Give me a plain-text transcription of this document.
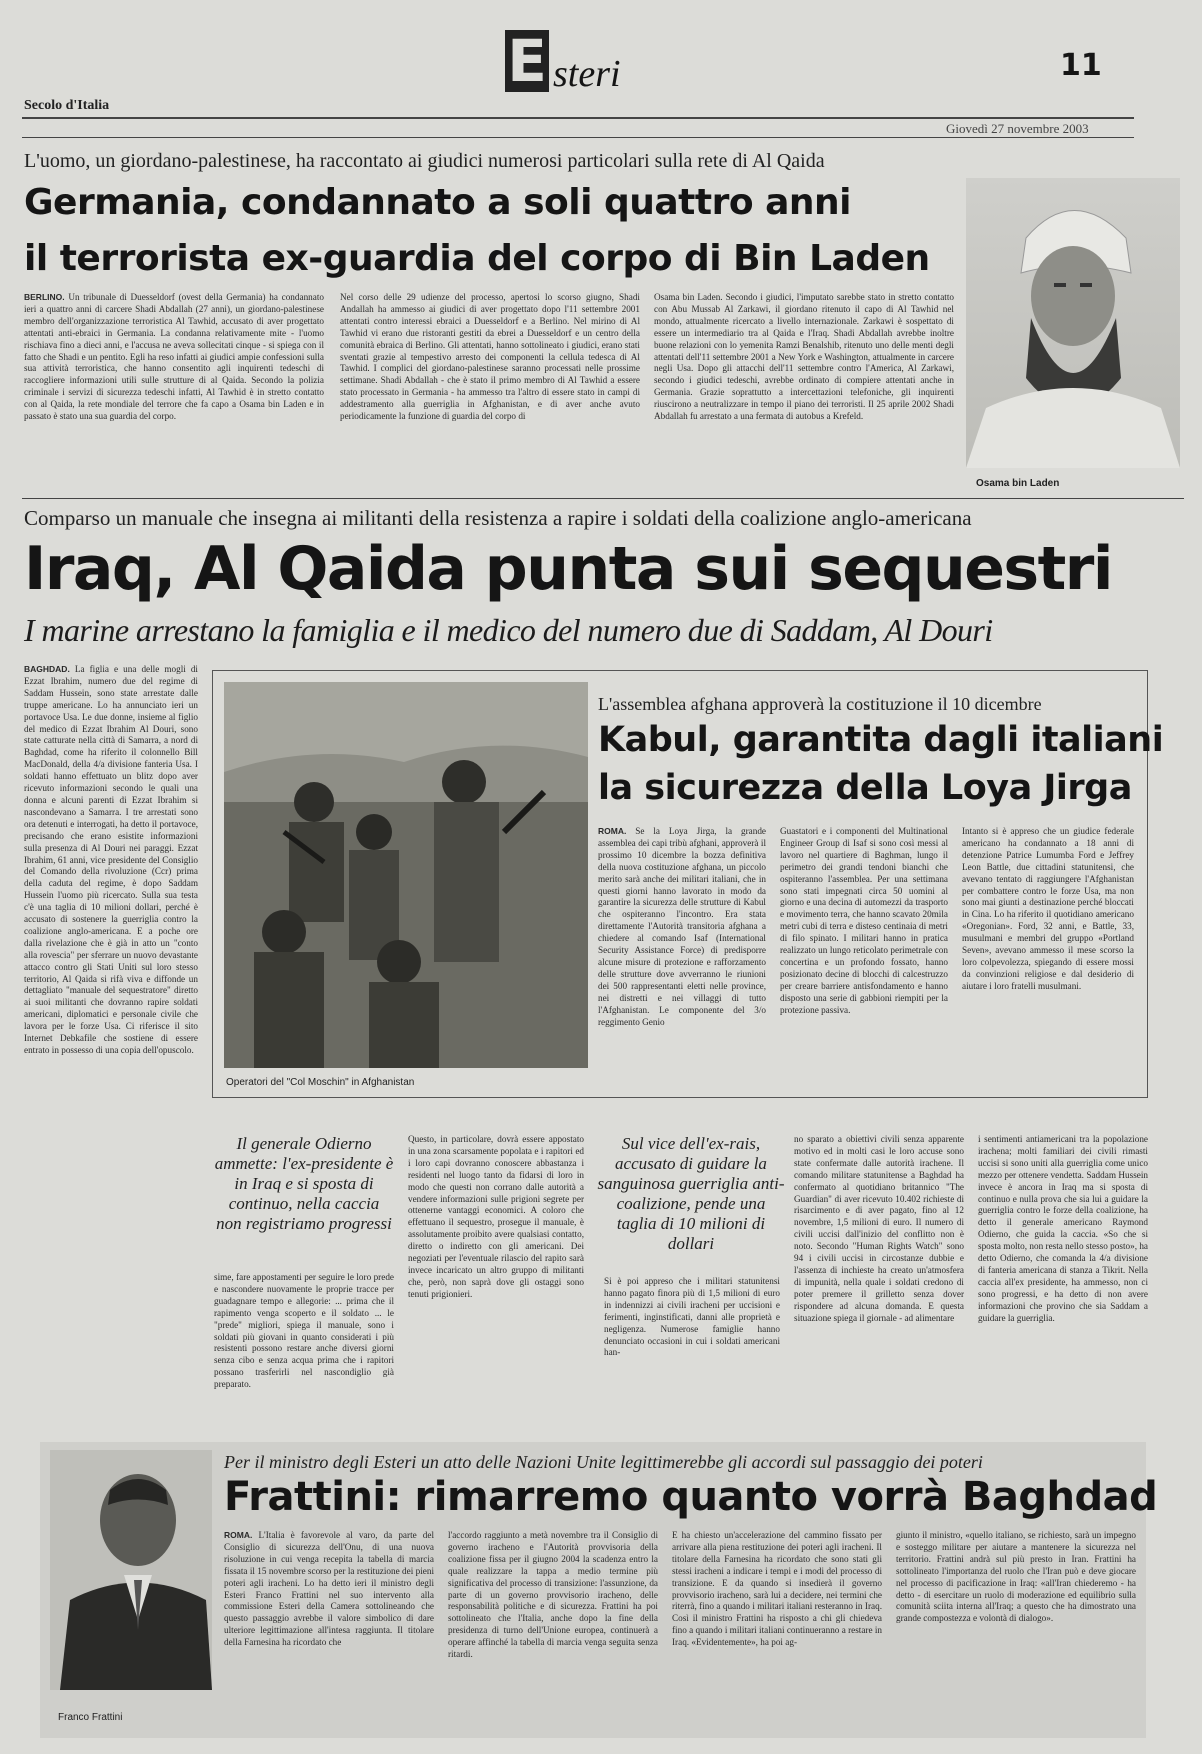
E steri
Secolo d'Italia
11
Giovedì 27 novembre 2003
L'uomo, un giordano-palestinese, ha raccontato ai giudici numerosi particolari sulla rete di Al Qaida
Germania, condannato a soli quattro anni
il terrorista ex-guardia del corpo di Bin Laden
BERLINO. Un tribunale di Duesseldorf (ovest della Germania) ha condannato ieri a quattro anni di carcere Shadi Abdallah (27 anni), un giordano-palestinese membro dell'organizzazione terroristica Al Tawhid, accusato di aver progettato attentati anti-ebraici in Germania. La condanna relativamente mite - l'uomo rischiava fino a dieci anni, e l'accusa ne aveva sollecitati cinque - si spiega con il fatto che Shadi e un pentito. Egli ha reso infatti ai giudici ampie confessioni sulla sua attività terroristica, che hanno consentito agli inquirenti tedeschi di raccogliere informazioni utili sulle strutture di al Qaida. Secondo la polizia criminale i servizi di sicurezza tedeschi infatti, Al Tawhid è in stretto contatto con al Qaida, la rete mondiale del terrore che fa capo a Osama bin Laden e in passato è stato una sua guardia del corpo.
Nel corso delle 29 udienze del processo, apertosi lo scorso giugno, Shadi Andallah ha ammesso ai giudici di aver progettato dopo l'11 settembre 2001 attentati contro interessi ebraici a Duesseldorf e a Berlino. Nel mirino di Al Tawhid vi erano due ristoranti gestiti da ebrei a Duesseldorf e un centro della comunità ebraica di Berlino. Gli attentati, hanno sottolineato i giudici, erano stati sventati grazie al tempestivo arresto dei componenti la cellula tedesca di Al Tawhid. I complici del giordano-palestinese saranno processati nelle prossime settimane. Shadi Abdallah - che è stato il primo membro di Al Tawhid a essere stato processato in Germania - ha ammesso tra l'altro di essere stato in campi di addestramento alla guerriglia in Afghanistan, e di aver anche avuto periodicamente la funzione di guardia del corpo di
Osama bin Laden. Secondo i giudici, l'imputato sarebbe stato in stretto contatto con Abu Mussab Al Zarkawi, il giordano ritenuto il capo di Al Tawhid nel mondo, attualmente ricercato a livello internazionale. Zarkawi è sospettato di essere un intermediario tra al Qaida e l'Iraq. Shadi Abdallah avrebbe inoltre buone relazioni con lo yemenita Ramzi Benalshib, ritenuto uno delle menti degli attentati dell'11 settembre 2001 a New York e Washington, attualmente in carcere negli Usa. Dopo gli attacchi dell'11 settembre contro l'America, Al Zarkawi, secondo i giudici tedeschi, avrebbe ordinato di compiere attentati anche in Germania. Grazie soprattutto a intercettazioni telefoniche, gli inquirenti riuscirono a neutralizzare in tempo il piano dei terroristi. Il 25 aprile 2002 Shadi Abdallah fu arrestato a una fermata di autobus a Krefeld.
Osama bin Laden
Comparso un manuale che insegna ai militanti della resistenza a rapire i soldati della coalizione anglo-americana
Iraq, Al Qaida punta sui sequestri
I marine arrestano la famiglia e il medico del numero due di Saddam, Al Douri
BAGHDAD. La figlia e una delle mogli di Ezzat Ibrahim, numero due del regime di Saddam Hussein, sono state arrestate dalle truppe americane. Lo ha annunciato ieri un portavoce Usa. Le due donne, insieme al figlio del medico di Ezzat Ibrahim Al Douri, sono state catturate nella città di Samarra, a nord di Baghdad, come ha riferito il colonnello Bill MacDonald, della 4/a divisione fanteria Usa. I soldati hanno effettuato un blitz dopo aver ricevuto informazioni secondo le quali una donna e alcuni parenti di Ezzat Ibrahim si nascondevano a Samarra. I tre arrestati sono ora detenuti e interrogati, ha detto il portavoce, precisando che erano esistite informazioni sulla presenza di Al Douri nei paraggi. Ezzat Ibrahim, 61 anni, vice presidente del Consiglio del Comando della rivoluzione (Ccr) prima della caduta del regime, è dopo Saddam Hussein l'uomo più ricercato. Sulla sua testa c'è una taglia di 10 milioni dollari, perché è accusato di sostenere la guerriglia contro la coalizione anglo-americana. E a poche ore dalla rivelazione che è già in atto un "conto alla rovescia" per sferrare un nuovo devastante attacco contro gli Stati Uniti sul loro stesso territorio, Al Qaida si rifà viva e diffonde un dettagliato "manuale del sequestratore" diretto ai suoi militanti che dovranno rapire soldati americani, diplomatici e personale civile che lavora per le forze Usa. Ci riferisce il sito Internet Debkafile che sostiene di essere entrato in possesso di una copia dell'opuscolo.
Operatori del "Col Moschin" in Afghanistan
L'assemblea afghana approverà la costituzione il 10 dicembre
Kabul, garantita dagli italiani
la sicurezza della Loya Jirga
ROMA. Se la Loya Jirga, la grande assemblea dei capi tribù afghani, approverà il prossimo 10 dicembre la bozza definitiva della nuova costituzione afghana, un piccolo merito sarà anche dei militari italiani, che in questi giorni hanno lavorato in modo da garantire la sicurezza delle strutture di Kabul che ospiteranno l'incontro. Era stata direttamente l'Autorità transitoria afghana a chiedere al comando Isaf (International Security Assistance Force) di predisporre alcune misure di protezione e rafforzamento delle strutture dove avverranno le riunioni dei 500 rappresentanti eletti nelle province, nei distretti e nei villaggi di tutto l'Afghanistan. Le componente del 3/o reggimento Genio
Guastatori e i componenti del Multinational Engineer Group di Isaf si sono così messi al lavoro nel quartiere di Baghman, lungo il perimetro dei grandi tendoni bianchi che ospiteranno l'assemblea. Per una settimana sono stati impegnati circa 50 uomini al giorno e una decina di automezzi da trasporto e movimento terra, che hanno scavato 20mila metri cubi di terra e disteso centinaia di metri di filo spinato. I militari hanno in pratica realizzato un lungo reticolato perimetrale con concertina e un profondo fossato, hanno posizionato decine di blocchi di calcestruzzo per creare barriere antisfondamento e hanno disposto una serie di gabbioni riempiti per la protezione passiva.
Intanto si è appreso che un giudice federale americano ha condannato a 18 anni di detenzione Patrice Lumumba Ford e Jeffrey Leon Battle, due cittadini statunitensi, che avevano tentato di raggiungere l'Afghanistan per combattere contro le forze Usa, ma non sono mai giunti a destinazione perché bloccati in Cina. Lo ha riferito il quotidiano americano «Oregonian». Ford, 32 anni, e Battle, 33, musulmani e membri del gruppo «Portland Seven», avevano ammesso il mese scorso la loro colpevolezza, spiegando di essere mossi da convinzioni religiose e dal desiderio di aiutare i loro fratelli musulmani.
Il generale Odierno ammette: l'ex-presidente è in Iraq e si sposta di continuo, nella caccia non registriamo progressi
Sul vice dell'ex-rais, accusato di guidare la sanguinosa guerriglia anti-coalizione, pende una taglia di 10 milioni di dollari
sime, fare appostamenti per seguire le loro prede e nascondere nuovamente le proprie tracce per guadagnare tempo e allegorie: ... prima che il rapimento venga scoperto e il soldato ... le "prede" migliori, spiega il manuale, sono i soldati più giovani in quanto considerati i più resistenti possono restare anche diversi giorni senza cibo e senza acqua prima che i rapitori possano trasferirli nel nascondiglio già preparato.
Questo, in particolare, dovrà essere appostato in una zona scarsamente popolata e i rapitori ed i loro capi dovranno conoscere abbastanza i residenti nel luogo tanto da fidarsi di loro in modo che questi non corrano dalle autorità a vendere informazioni sulle prigioni segrete per ottenerne vantaggi economici. A coloro che effettuano il sequestro, prosegue il manuale, è assolutamente proibito avere qualsiasi contatto, diretto o indiretto con gli americani. Dei negoziati per l'eventuale rilascio del rapito sarà invece incaricato un altro gruppo di militanti che, però, non saprà dove gli ostaggi sono tenuti prigionieri.
Si è poi appreso che i militari statunitensi hanno pagato finora più di 1,5 milioni di euro in indennizzi ai civili iracheni per uccisioni e ferimenti, inginstificati, danni alle proprietà e negligenza. Numerose famiglie hanno denunciato occasioni in cui i soldati americani han-
no sparato a obiettivi civili senza apparente motivo ed in molti casi le loro accuse sono state confermate dalle autorità irachene. Il comando militare statunitense a Baghdad ha confermato al quotidiano britannico "The Guardian" di aver ricevuto 10.402 richieste di risarcimento e di aver pagato, fino al 12 novembre, 1,5 milioni di euro. Il numero di civili uccisi dall'inizio del conflitto non è noto. Secondo "Human Rights Watch" sono 94 i civili uccisi in circostanze dubbie e l'assenza di inchieste ha creato un'atmosfera di impunità, nella quale i soldati credono di poter premere il grilletto senza dover rispondere ad alcuna domanda. E questa situazione spiega il giornale - ad alimentare
i sentimenti antiamericani tra la popolazione irachena; molti familiari dei civili rimasti uccisi si sono uniti alla guerriglia come unico mezzo per ottenere vendetta. Saddam Hussein invece è ancora in Iraq ma si sposta di continuo e nulla prova che sia lui a guidare la guerriglia contro le forze della coalizione, ha detto il generale americano Raymond Odierno, che guida la caccia. «So che si sposta molto, non resta nello stesso posto», ha detto Odierno, che comanda la 4/a divisione di fanteria americana di stanza a Tikrit. Nella caccia all'ex presidente, ha ammesso, non ci sono progressi, e ha detto di non avere informazioni che provino che sia Saddam a guidare la guerriglia.
Franco Frattini
Per il ministro degli Esteri un atto delle Nazioni Unite legittimerebbe gli accordi sul passaggio dei poteri
Frattini: rimarremo quanto vorrà Baghdad
ROMA. L'Italia è favorevole al varo, da parte del Consiglio di sicurezza dell'Onu, di una nuova risoluzione in cui venga recepita la tabella di marcia fissata il 15 novembre scorso per la restituzione dei pieni poteri agli iracheni. Lo ha detto ieri il ministro degli Esteri Franco Frattini nel suo intervento alla commissione Esteri della Camera sottolineando che questo passaggio avrebbe il valore simbolico di dare ulteriore legittimazione all'intesa raggiunta. Il titolare della Farnesina ha ricordato che
l'accordo raggiunto a metà novembre tra il Consiglio di governo iracheno e l'Autorità provvisoria della coalizione fissa per il giugno 2004 la scadenza entro la quale realizzare la tappa a medio termine più significativa del processo di transizione: l'assunzione, da parte di un governo provvisorio iracheno, delle responsabilità politiche e di sicurezza. Frattini ha poi sottolineato che l'Italia, anche dopo la fine della presidenza di turno dell'Unione europea, continuerà a operare affinché la tabella di marcia venga seguita senza ritardi.
E ha chiesto un'accelerazione del cammino fissato per arrivare alla piena restituzione dei poteri agli iracheni. Il titolare della Farnesina ha ricordato che sono stati gli stessi iracheni a indicare i tempi e i modi del processo di transizione. E da quando si insedierà il governo provvisorio iracheno, sarà lui a decidere, nei termini che riterrà, fino a quando i militari italiani resteranno in Iraq. Così il ministro Frattini ha risposto a chi gli chiedeva fino a quando i militari italiani continueranno a restare in Iraq. «Evidentemente», ha poi ag-
giunto il ministro, «quello italiano, se richiesto, sarà un impegno e sosteggo militare per aiutare a mantenere la sicurezza nel territorio. Frattini andrà sul più presto in Iran. Frattini ha sottolineato l'importanza del ruolo che l'Iran può e deve giocare nel processo di pacificazione in Iraq: «all'Iran chiederemo - ha detto - di esercitare un ruolo di moderazione ed equilibrio sulla comunità sciita interna all'Iraq; a questo che ha dimostrato una grande compostezza e volontà di dialogo».
